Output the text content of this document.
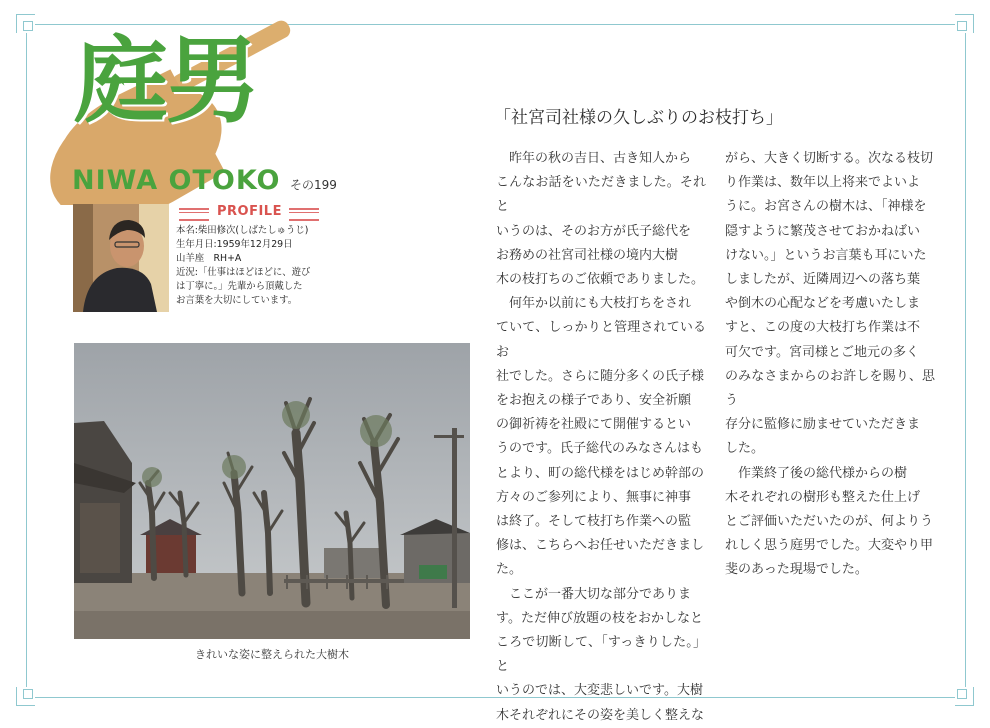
庭男
NIWA OTOKO その199
PROFILE
本名:柴田修次(しばたしゅうじ)
生年月日:1959年12月29日
山羊座　RH+A
近況:「仕事はほどほどに、遊び
は丁寧に。」先輩から頂戴した
お言葉を大切にしています。
きれいな姿に整えられた大樹木
「社宮司社様の久しぶりのお枝打ち」
昨年の秋の吉日、古き知人から
こんなお話をいただきました。それと
いうのは、そのお方が氏子総代を
お務めの社宮司社様の境内大樹
木の枝打ちのご依頼でありました。
何年か以前にも大枝打ちをされ
ていて、しっかりと管理されているお
社でした。さらに随分多くの氏子様
をお抱えの様子であり、安全祈願
の御祈祷を社殿にて開催するとい
うのです。氏子総代のみなさんはも
とより、町の総代様をはじめ幹部の
方々のご参列により、無事に神事
は終了。そして枝打ち作業への監
修は、こちらへお任せいただきまし
た。
ここが一番大切な部分でありま
す。ただ伸び放題の枝をおかしなと
ころで切断して、「すっきりした。」と
いうのでは、大変悲しいです。大樹
木それぞれにその姿を美しく整えな
がら、大きく切断する。次なる枝切
り作業は、数年以上将来でよいよ
うに。お宮さんの樹木は、「神様を
隠すように繁茂させておかねばい
けない。」というお言葉も耳にいた
しましたが、近隣周辺への落ち葉
や倒木の心配などを考慮いたしま
すと、この度の大枝打ち作業は不
可欠です。宮司様とご地元の多く
のみなさまからのお許しを賜り、思う
存分に監修に励ませていただきま
した。
作業終了後の総代様からの樹
木それぞれの樹形も整えた仕上げ
とご評価いただいたのが、何よりう
れしく思う庭男でした。大変やり甲
斐のあった現場でした。
